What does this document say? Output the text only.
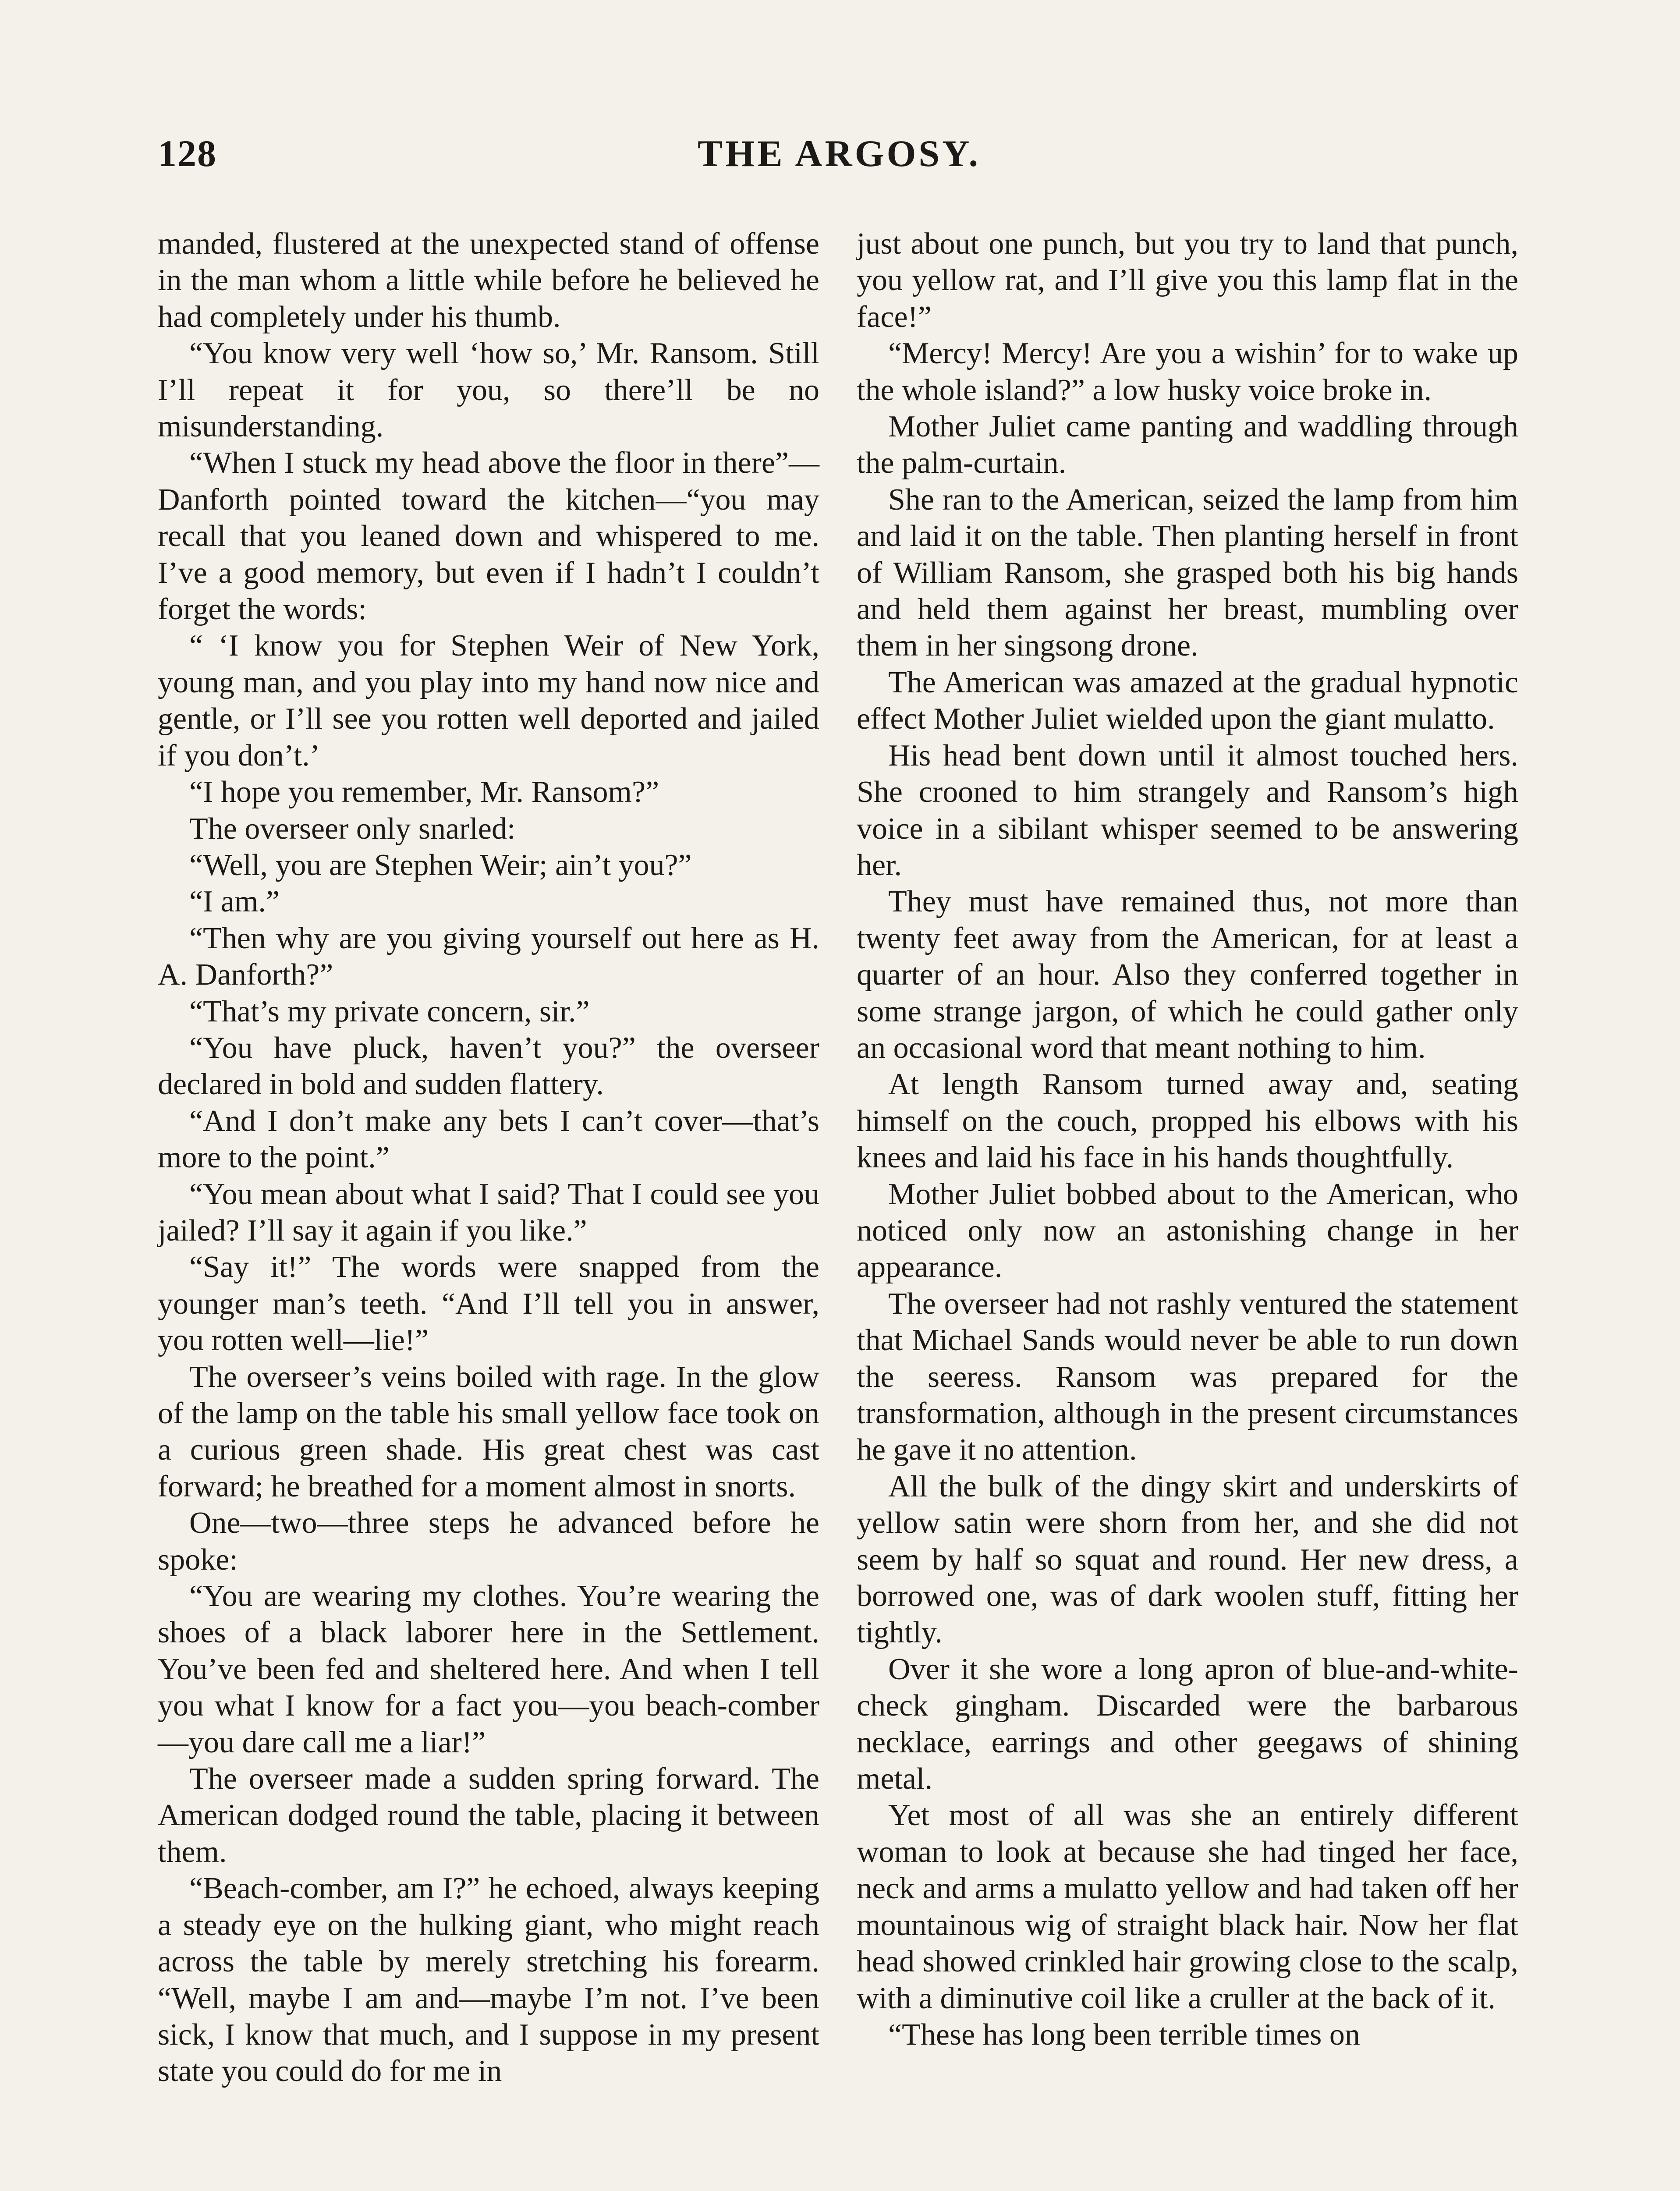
128	THE ARGOSY.

manded, flustered at the unexpected stand of offense in the man whom a little while before he believed he had completely under his thumb.

“You know very well ‘how so,’ Mr. Ransom. Still I’ll repeat it for you, so there’ll be no misunderstanding.

“When I stuck my head above the floor in there”—Danforth pointed toward the kitchen—“you may recall that you leaned down and whispered to me. I’ve a good memory, but even if I hadn’t I couldn’t forget the words:

“ ‘I know you for Stephen Weir of New York, young man, and you play into my hand now nice and gentle, or I’ll see you rotten well deported and jailed if you don’t.’

“I hope you remember, Mr. Ransom?”

The overseer only snarled:

“Well, you are Stephen Weir; ain’t you?”

“I am.”

“Then why are you giving yourself out here as H. A. Danforth?”

“That’s my private concern, sir.”

“You have pluck, haven’t you?” the overseer declared in bold and sudden flattery.

“And I don’t make any bets I can’t cover—that’s more to the point.”

“You mean about what I said? That I could see you jailed? I’ll say it again if you like.”

“Say it!” The words were snapped from the younger man’s teeth. “And I’ll tell you in answer, you rotten well—lie!”

The overseer’s veins boiled with rage. In the glow of the lamp on the table his small yellow face took on a curious green shade. His great chest was cast forward; he breathed for a moment almost in snorts.

One—two—three steps he advanced before he spoke:

“You are wearing my clothes. You’re wearing the shoes of a black laborer here in the Settlement. You’ve been fed and sheltered here. And when I tell you what I know for a fact you—you beach-comber—you dare call me a liar!”

The overseer made a sudden spring forward. The American dodged round the table, placing it between them.

“Beach-comber, am I?” he echoed, always keeping a steady eye on the hulking giant, who might reach across the table by merely stretching his forearm. “Well, maybe I am and—maybe I’m not. I’ve been sick, I know that much, and I suppose in my present state you could do for me in

just about one punch, but you try to land that punch, you yellow rat, and I’ll give you this lamp flat in the face!”

“Mercy! Mercy! Are you a wishin’ for to wake up the whole island?” a low husky voice broke in.

Mother Juliet came panting and waddling through the palm-curtain.

She ran to the American, seized the lamp from him and laid it on the table. Then planting herself in front of William Ransom, she grasped both his big hands and held them against her breast, mumbling over them in her singsong drone.

The American was amazed at the gradual hypnotic effect Mother Juliet wielded upon the giant mulatto.

His head bent down until it almost touched hers. She crooned to him strangely and Ransom’s high voice in a sibilant whisper seemed to be answering her.

They must have remained thus, not more than twenty feet away from the American, for at least a quarter of an hour. Also they conferred together in some strange jargon, of which he could gather only an occasional word that meant nothing to him.

At length Ransom turned away and, seating himself on the couch, propped his elbows with his knees and laid his face in his hands thoughtfully.

Mother Juliet bobbed about to the American, who noticed only now an astonishing change in her appearance.

The overseer had not rashly ventured the statement that Michael Sands would never be able to run down the seeress. Ransom was prepared for the transformation, although in the present circumstances he gave it no attention.

All the bulk of the dingy skirt and underskirts of yellow satin were shorn from her, and she did not seem by half so squat and round. Her new dress, a borrowed one, was of dark woolen stuff, fitting her tightly.

Over it she wore a long apron of blue-and-white-check gingham. Discarded were the barbarous necklace, earrings and other geegaws of shining metal.

Yet most of all was she an entirely different woman to look at because she had tinged her face, neck and arms a mulatto yellow and had taken off her mountainous wig of straight black hair. Now her flat head showed crinkled hair growing close to the scalp, with a diminutive coil like a cruller at the back of it.

“These has long been terrible times on
